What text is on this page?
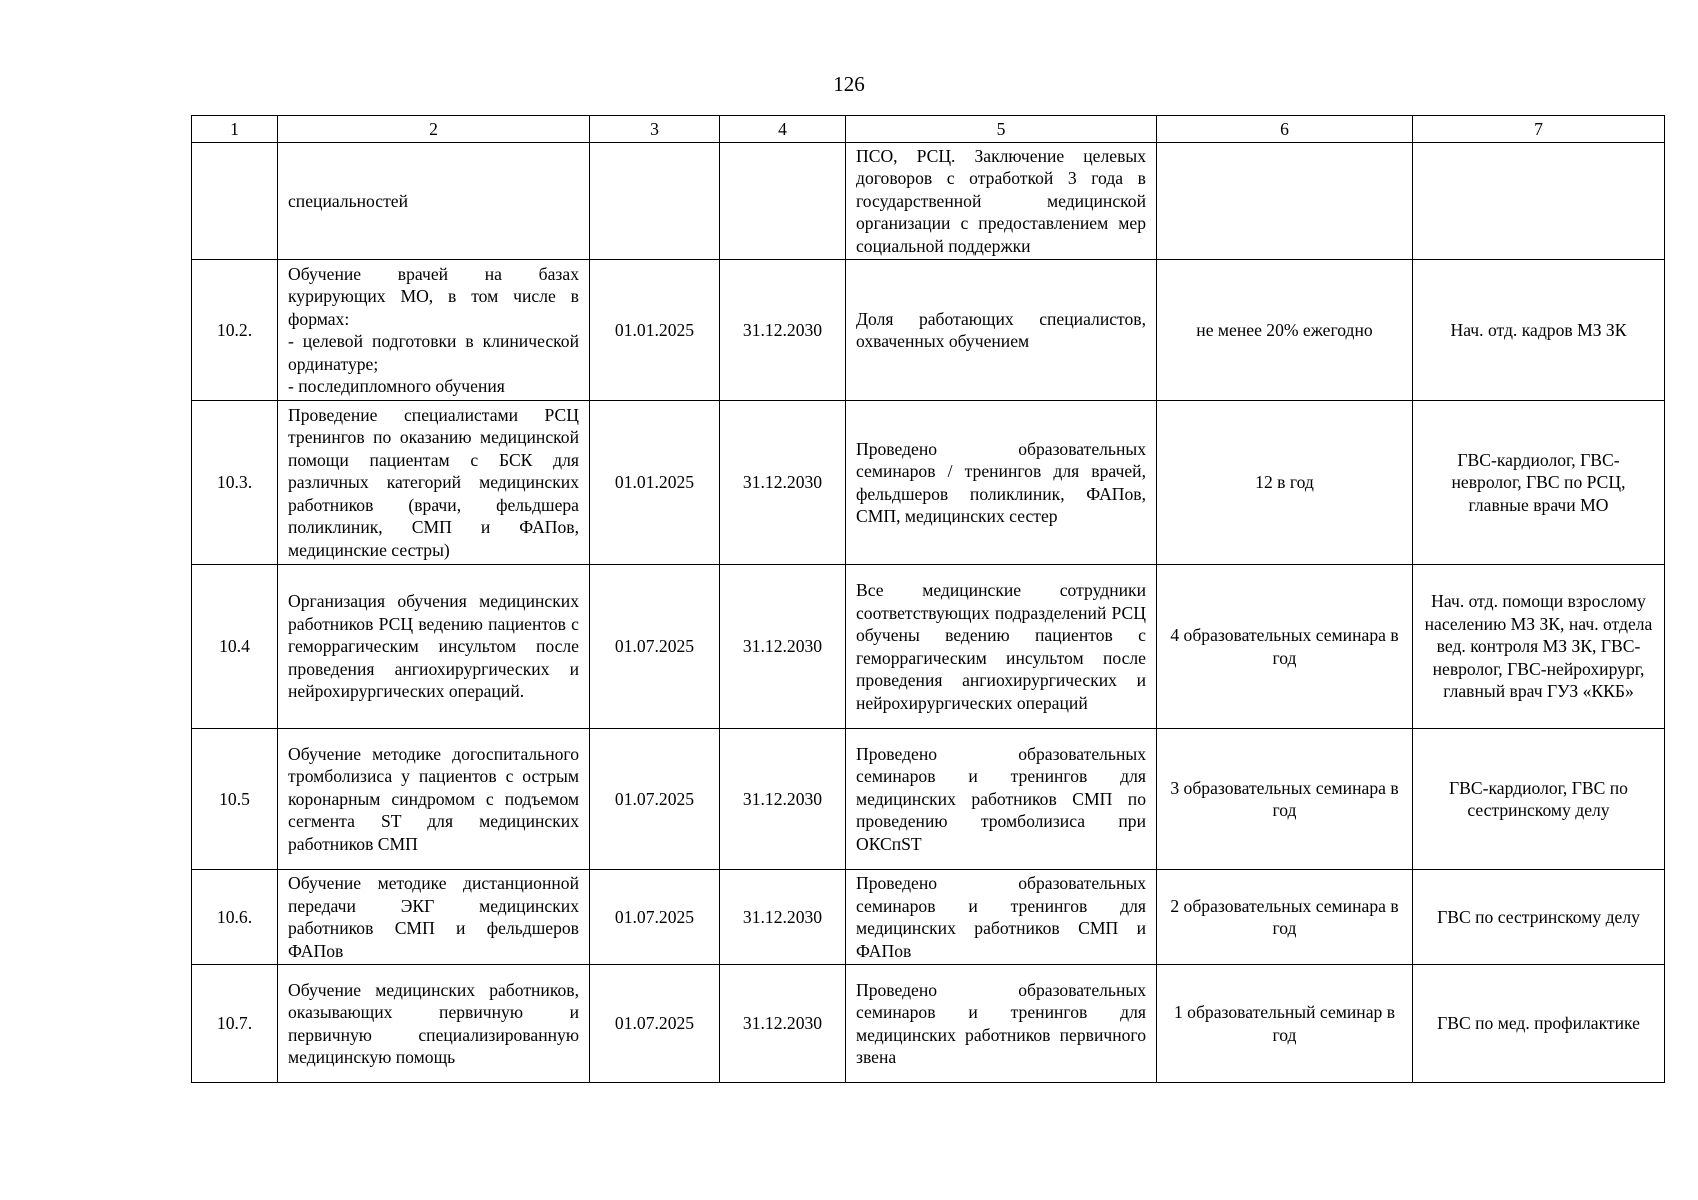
126
1	2	3	4	5	6	7
	специальностей			ПСО, РСЦ. Заключение целевых договоров с отработкой 3 года в государственной медицинской организации с предоставлением мер социальной поддержки		
10.2.	Обучение врачей на базах курирующих МО, в том числе в формах:
- целевой подготовки в клинической ординатуре;
- последипломного обучения	01.01.2025	31.12.2030	Доля работающих специалистов, охваченных обучением	не менее 20% ежегодно	Нач. отд. кадров МЗ ЗК
10.3.	Проведение специалистами РСЦ тренингов по оказанию медицинской помощи пациентам с БСК для различных категорий медицинских работников (врачи, фельдшера поликлиник, СМП и ФАПов, медицинские сестры)	01.01.2025	31.12.2030	Проведено образовательных семинаров / тренингов для врачей, фельдшеров поликлиник, ФАПов, СМП, медицинских сестер	12 в год	ГВС-кардиолог, ГВС-невролог, ГВС по РСЦ, главные врачи МО
10.4	Организация обучения медицинских работников РСЦ ведению пациентов с геморрагическим инсультом после проведения ангиохирургических и нейрохирургических операций.	01.07.2025	31.12.2030	Все медицинские сотрудники соответствующих подразделений РСЦ обучены ведению пациентов с геморрагическим инсультом после проведения ангиохирургических и нейрохирургических операций	4 образовательных семинара в год	Нач. отд. помощи взрослому населению МЗ ЗК, нач. отдела вед. контроля МЗ ЗК, ГВС-невролог, ГВС-нейрохирург, главный врач ГУЗ «ККБ»
10.5	Обучение методике догоспитального тромболизиса у пациентов с острым коронарным синдромом с подъемом сегмента ST для медицинских работников СМП	01.07.2025	31.12.2030	Проведено образовательных семинаров и тренингов для медицинских работников СМП по проведению тромболизиса при ОКСпST	3 образовательных семинара в год	ГВС-кардиолог, ГВС по сестринскому делу
10.6.	Обучение методике дистанционной передачи ЭКГ медицинских работников СМП и фельдшеров ФАПов	01.07.2025	31.12.2030	Проведено образовательных семинаров и тренингов для медицинских работников СМП и ФАПов	2 образовательных семинара в год	ГВС по сестринскому делу
10.7.	Обучение медицинских работников, оказывающих первичную и первичную специализированную медицинскую помощь	01.07.2025	31.12.2030	Проведено образовательных семинаров и тренингов для медицинских работников первичного звена	1 образовательный семинар в год	ГВС по мед. профилактике
